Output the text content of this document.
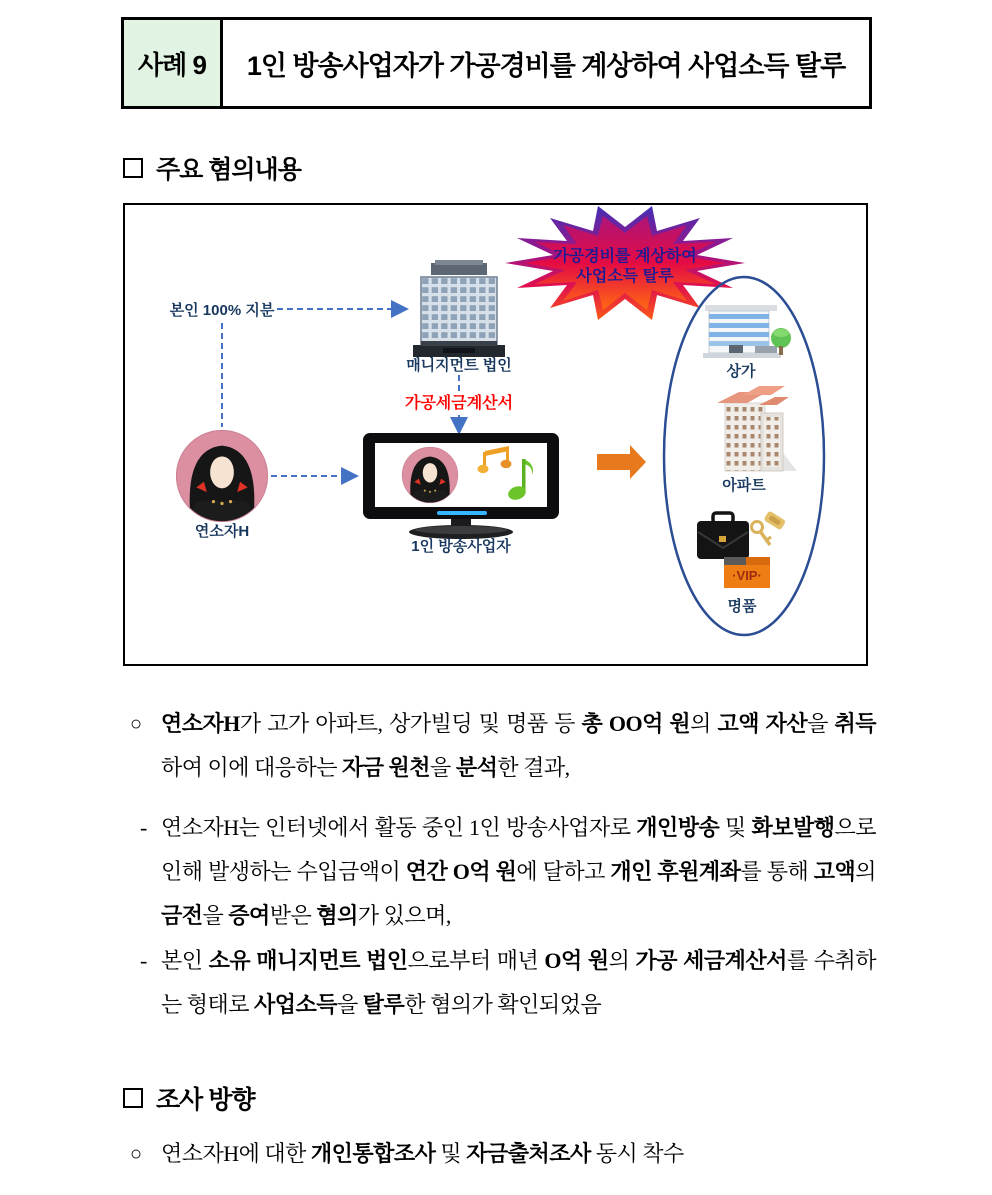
사례 9	1인 방송사업자가 가공경비를 계상하여 사업소득 탈루
주요 혐의내용
가공경비를 계상하여
사업소득 탈루
본인 100% 지분
매니지먼트 법인
가공세금계산서
연소자H
1인 방송사업자
상가
아파트
·VIP·
명품
○ 연소자H가 고가 아파트, 상가빌딩 및 명품 등 총 OO억 원의 고액 자산을 취득하여 이에 대응하는 자금 원천을 분석한 결과,
- 연소자H는 인터넷에서 활동 중인 1인 방송사업자로 개인방송 및 화보발행으로 인해 발생하는 수입금액이 연간 O억 원에 달하고 개인 후원계좌를 통해 고액의 금전을 증여받은 혐의가 있으며,
- 본인 소유 매니지먼트 법인으로부터 매년 O억 원의 가공 세금계산서를 수취하는 형태로 사업소득을 탈루한 혐의가 확인되었음
조사 방향
○ 연소자H에 대한 개인통합조사 및 자금출처조사 동시 착수
